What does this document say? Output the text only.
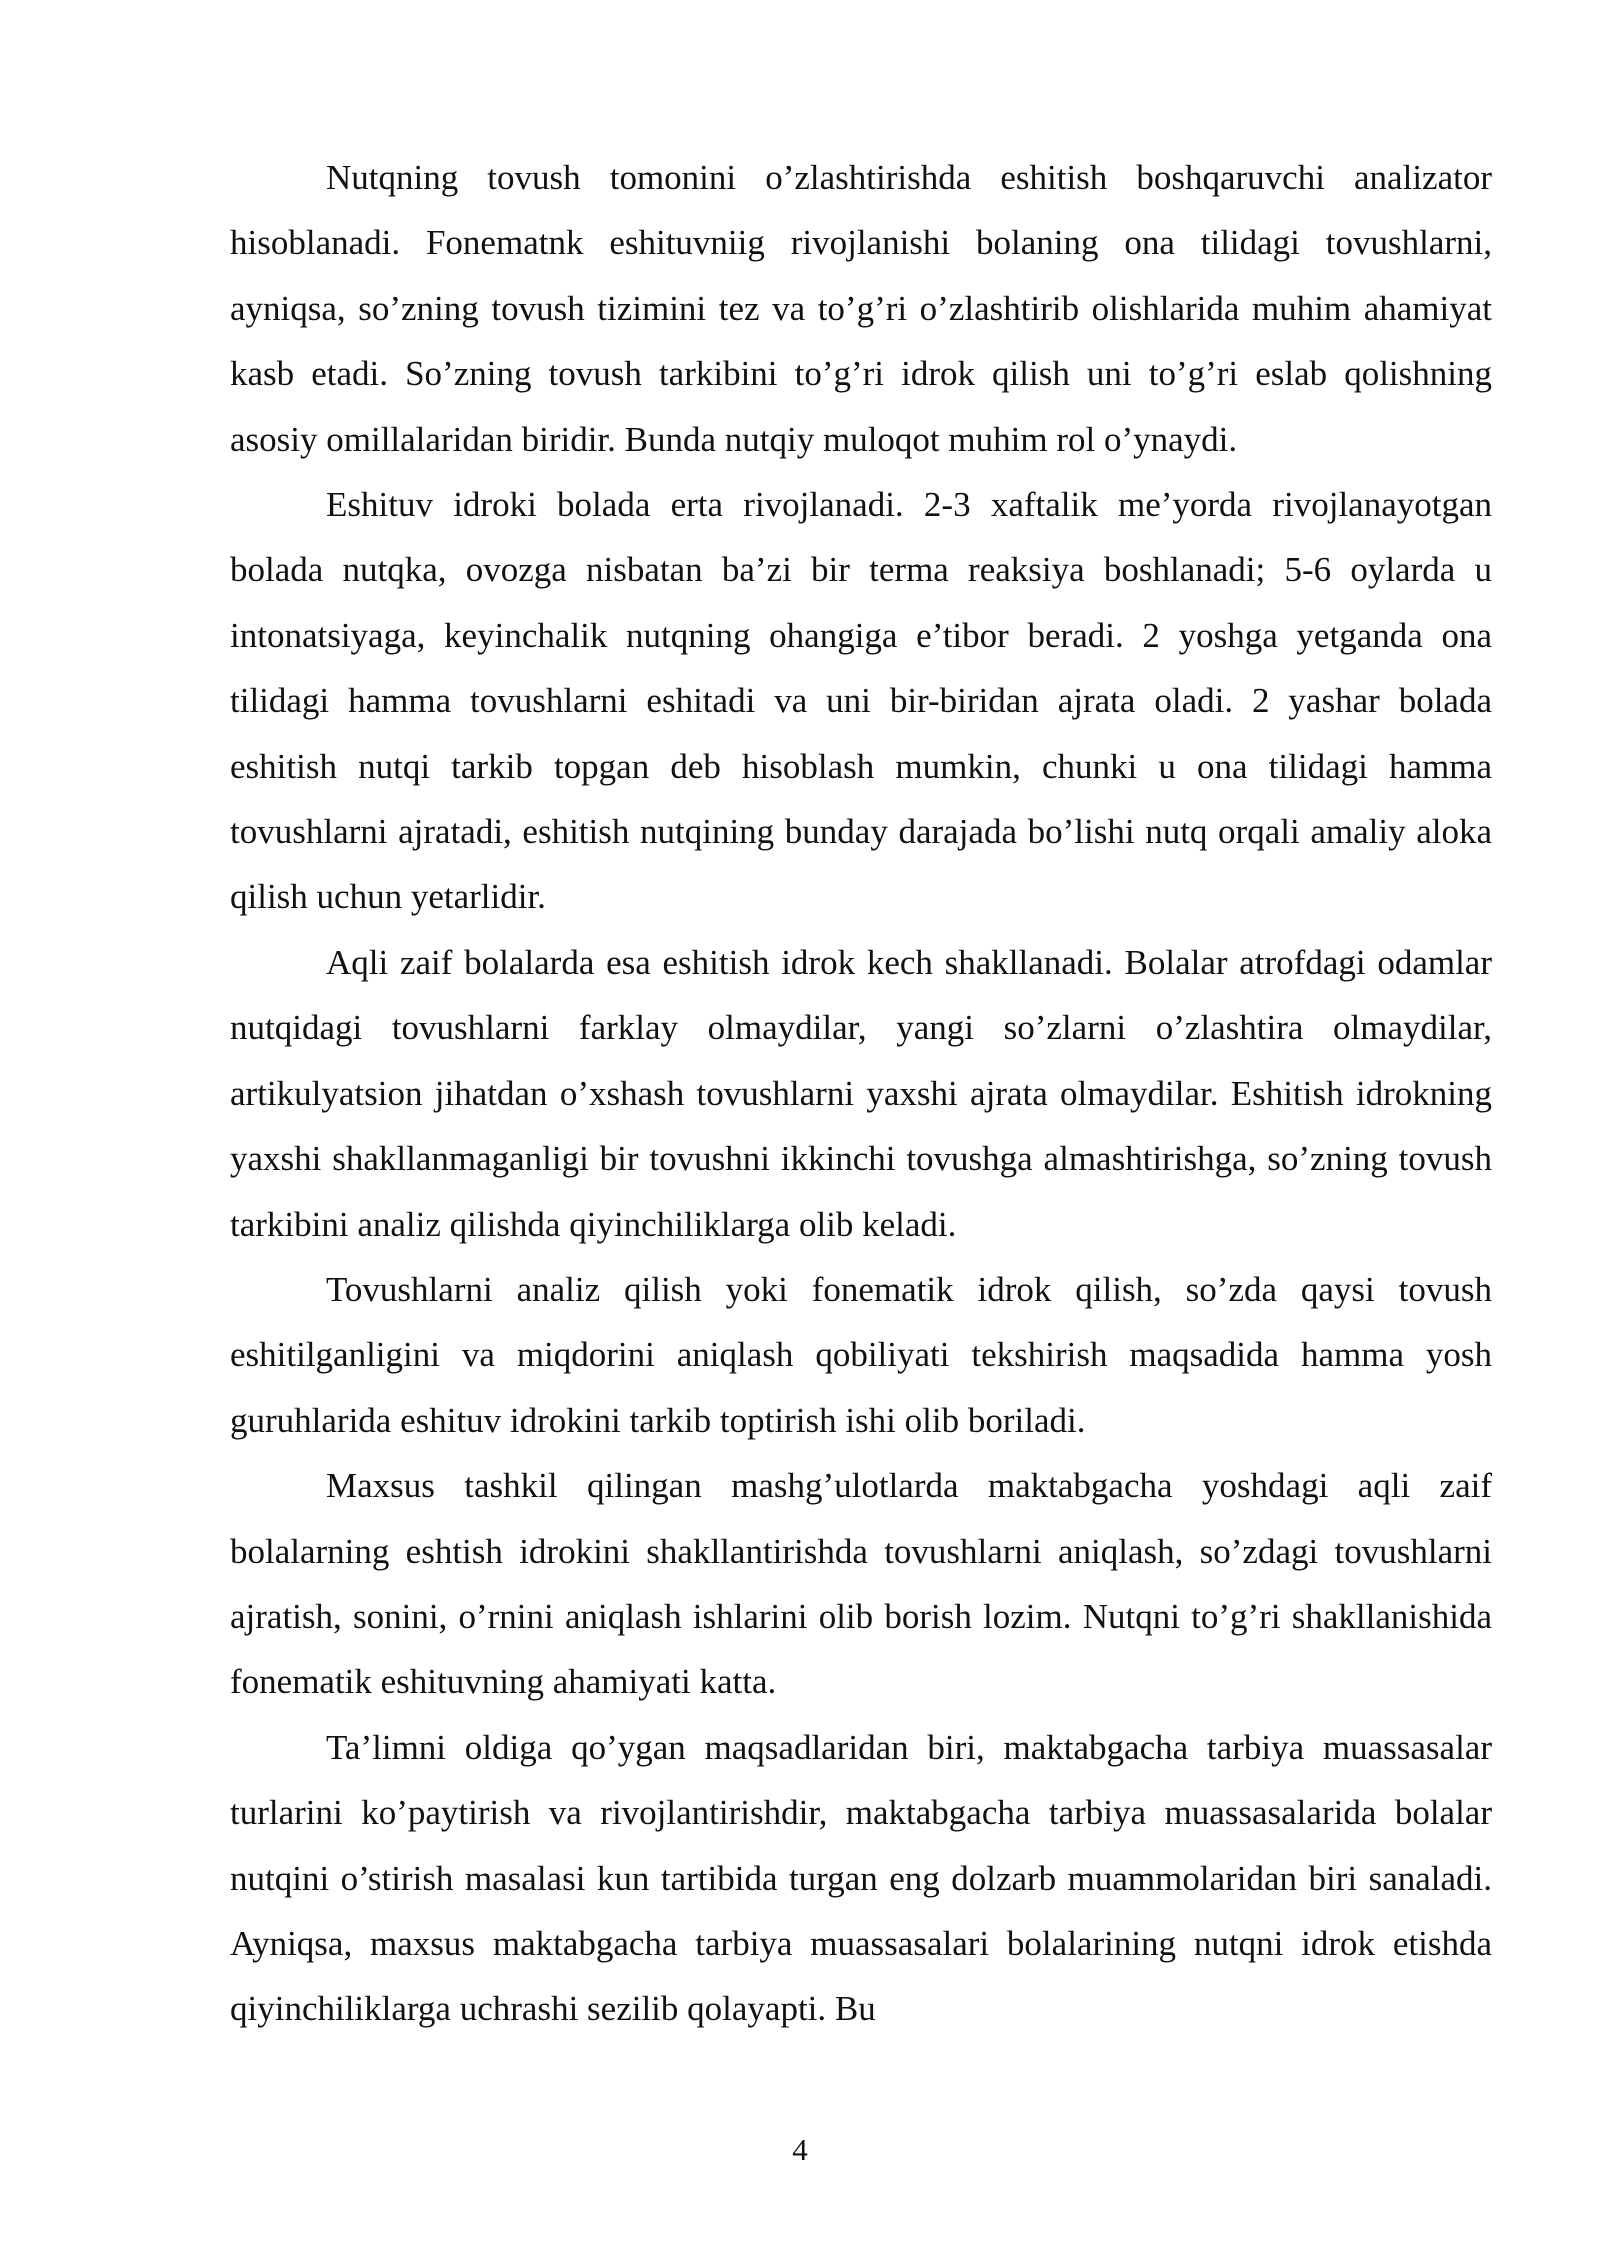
Nutqning tovush tomonini o’zlashtirishda eshitish boshqaruvchi analizator hisoblanadi. Fonematnk eshituvniig rivojlanishi bolaning ona tilidagi tovushlarni, ayniqsa, so’zning tovush tizimini tez va to’g’ri o’zlashtirib olishlarida muhim ahamiyat kasb etadi. So’zning tovush tarkibini to’g’ri idrok qilish uni to’g’ri eslab qolishning asosiy omillalaridan biridir. Bunda nutqiy muloqot muhim rol o’ynaydi.

Eshituv idroki bolada erta rivojlanadi. 2-3 xaftalik me’yorda rivojlanayotgan bolada nutqka, ovozga nisbatan ba’zi bir terma reaksiya boshlanadi; 5-6 oylarda u intonatsiyaga, keyinchalik nutqning ohangiga e’tibor beradi. 2 yoshga yetganda ona tilidagi hamma tovushlarni eshitadi va uni bir-biridan ajrata oladi. 2 yashar bolada eshitish nutqi tarkib topgan deb hisoblash mumkin, chunki u ona tilidagi hamma tovushlarni ajratadi, eshitish nutqining bunday darajada bo’lishi nutq orqali amaliy aloka qilish uchun yetarlidir.

Aqli zaif bolalarda esa eshitish idrok kech shakllanadi. Bolalar atrofdagi odamlar nutqidagi tovushlarni farklay olmaydilar, yangi so’zlarni o’zlashtira olmaydilar, artikulyatsion jihatdan o’xshash tovushlarni yaxshi ajrata olmaydilar. Eshitish idrokning yaxshi shakllanmaganligi bir tovushni ikkinchi tovushga almashtirishga, so’zning tovush tarkibini analiz qilishda qiyinchiliklarga olib keladi.

Tovushlarni analiz qilish yoki fonematik idrok qilish, so’zda qaysi tovush eshitilganligini va miqdorini aniqlash qobiliyati tekshirish maqsadida hamma yosh guruhlarida eshituv idrokini tarkib toptirish ishi olib boriladi.

Maxsus tashkil qilingan mashg’ulotlarda maktabgacha yoshdagi aqli zaif bolalarning eshtish idrokini shakllantirishda tovushlarni aniqlash, so’zdagi tovushlarni ajratish, sonini, o’rnini aniqlash ishlarini olib borish lozim. Nutqni to’g’ri shakllanishida fonematik eshituvning ahamiyati katta.

Ta’limni oldiga qo’ygan maqsadlaridan biri, maktabgacha tarbiya muassasalar turlarini ko’paytirish va rivojlantirishdir, maktabgacha tarbiya muassasalarida bolalar nutqini o’stirish masalasi kun tartibida turgan eng dolzarb muammolaridan biri sanaladi. Ayniqsa, maxsus maktabgacha tarbiya muassasalari bolalarining nutqni idrok etishda qiyinchiliklarga uchrashi sezilib qolayapti. Bu

4
